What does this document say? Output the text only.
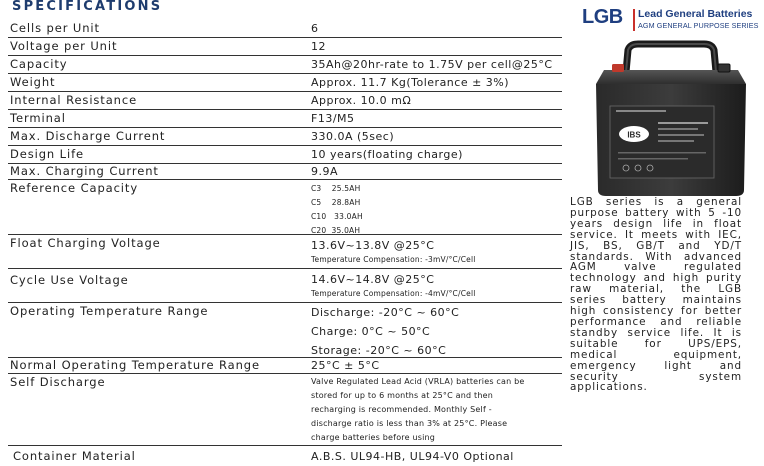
SPECIFICATIONS
Cells per Unit	6
Voltage per Unit	12
Capacity	35Ah@20hr-rate to 1.75V per cell@25°C
Weight	Approx. 11.7 Kg(Tolerance ± 3%)
Internal Resistance	Approx. 10.0 mΩ
Terminal	F13/M5
Max. Discharge Current	330.0A (5sec)
Design Life	10 years(floating charge)
Max. Charging Current	9.9A
Reference Capacity	C3    25.5AH
C5    28.8AH
C10   33.0AH
C20  35.0AH
Float Charging Voltage	13.6V~13.8V @25°C
Temperature Compensation: -3mV/°C/Cell
Cycle Use Voltage	14.6V~14.8V @25°C
Temperature Compensation: -4mV/°C/Cell
Operating Temperature Range	Discharge: -20°C ~ 60°C
Charge: 0°C ~ 50°C
Storage: -20°C ~ 60°C
Normal Operating Temperature Range	25°C ± 5°C
Self Discharge	Valve Regulated Lead Acid (VRLA) batteries can be
stored for up to 6 months at 25°C and then
recharging is recommended. Monthly Self -
discharge ratio is less than 3% at 25°C. Please
charge batteries before using
Container Material	A.B.S. UL94-HB, UL94-V0 Optional
LGB Lead General Batteries
AGM GENERAL PURPOSE SERIES
IBS
LGB series is a general purpose battery with 5 -10 years design life in float service. It meets with IEC, JIS, BS, GB/T and YD/T standards. With advanced AGM valve regulated technology and high purity raw material, the LGB series battery maintains high consistency for better performance and reliable standby service life. It is suitable for UPS/EPS, medical equipment, emergency light and security system applications.
